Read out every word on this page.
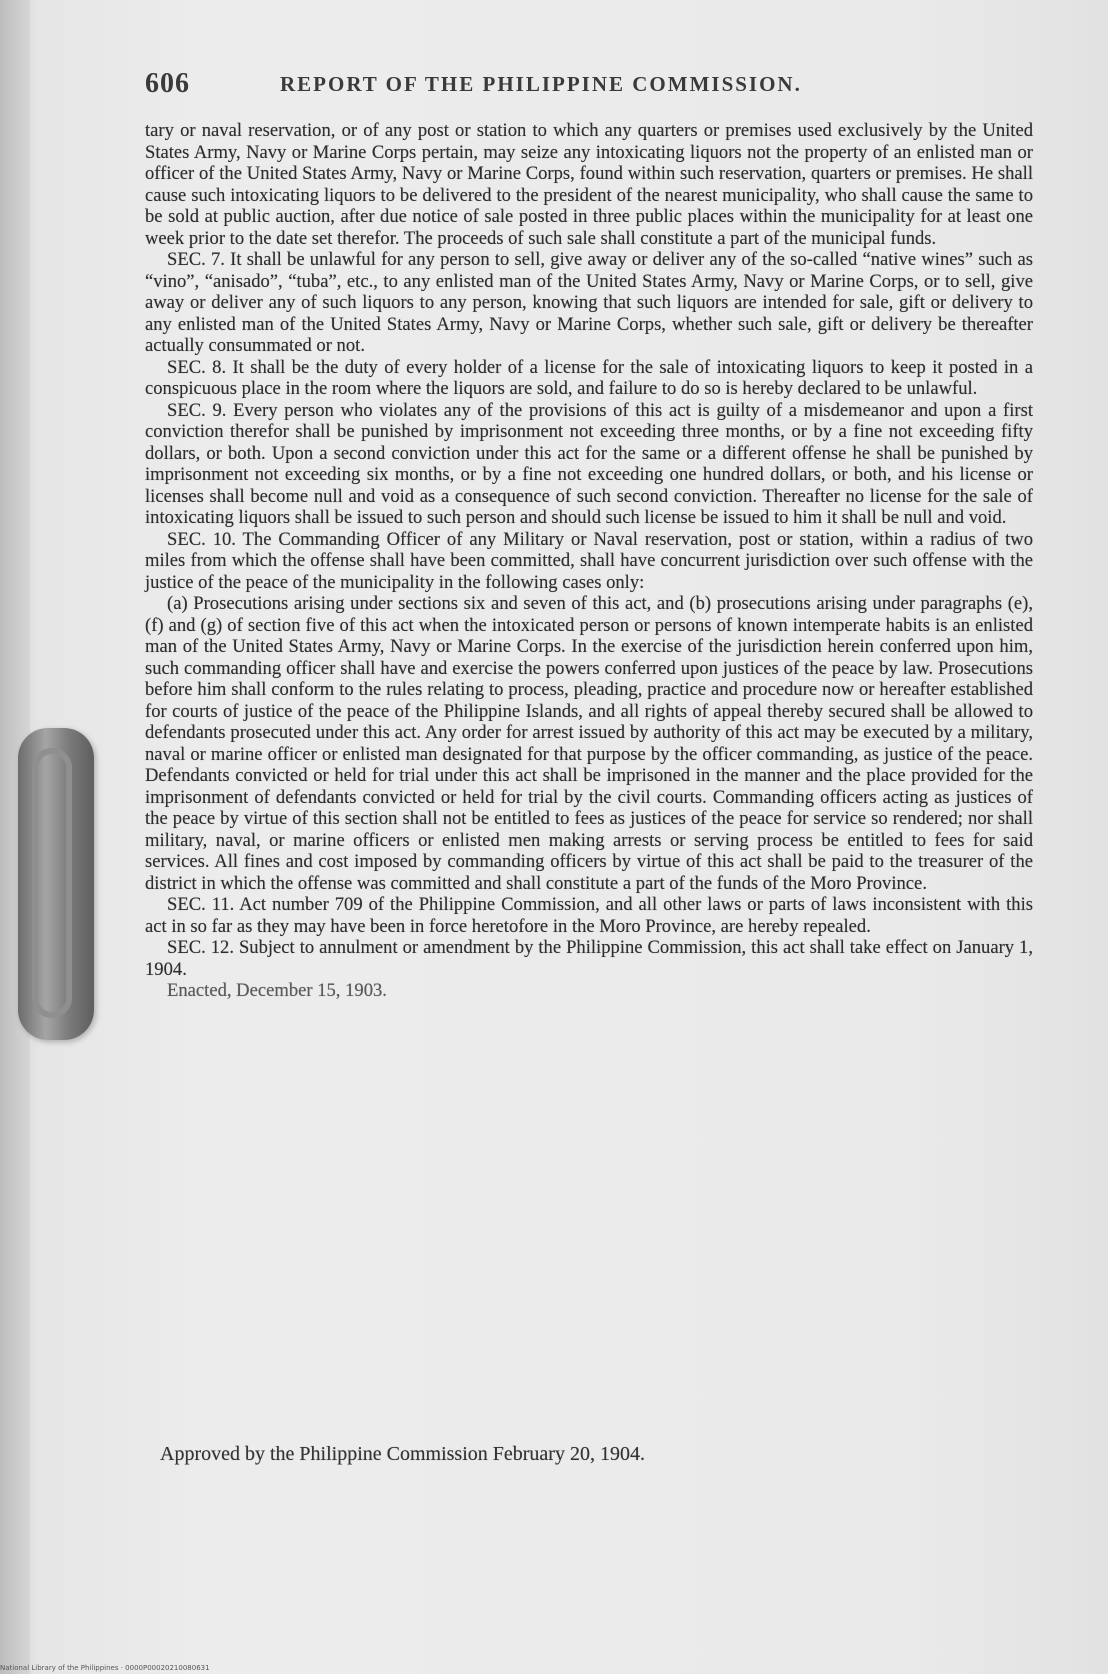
606	REPORT OF THE PHILIPPINE COMMISSION.

tary or naval reservation, or of any post or station to which any quarters or premises used exclusively by the United States Army, Navy or Marine Corps pertain, may seize any intoxicating liquors not the property of an enlisted man or officer of the United States Army, Navy or Marine Corps, found within such reservation, quarters or premises. He shall cause such intoxicating liquors to be delivered to the president of the nearest municipality, who shall cause the same to be sold at public auction, after due notice of sale posted in three public places within the municipality for at least one week prior to the date set therefor. The proceeds of such sale shall constitute a part of the municipal funds.

SEC. 7. It shall be unlawful for any person to sell, give away or deliver any of the so-called “native wines” such as “vino”, “anisado”, “tuba”, etc., to any enlisted man of the United States Army, Navy or Marine Corps, or to sell, give away or deliver any of such liquors to any person, knowing that such liquors are intended for sale, gift or delivery to any enlisted man of the United States Army, Navy or Marine Corps, whether such sale, gift or delivery be thereafter actually consummated or not.

SEC. 8. It shall be the duty of every holder of a license for the sale of intoxicating liquors to keep it posted in a conspicuous place in the room where the liquors are sold, and failure to do so is hereby declared to be unlawful.

SEC. 9. Every person who violates any of the provisions of this act is guilty of a misdemeanor and upon a first conviction therefor shall be punished by imprisonment not exceeding three months, or by a fine not exceeding fifty dollars, or both. Upon a second conviction under this act for the same or a different offense he shall be punished by imprisonment not exceeding six months, or by a fine not exceeding one hundred dollars, or both, and his license or licenses shall become null and void as a consequence of such second conviction. Thereafter no license for the sale of intoxicating liquors shall be issued to such person and should such license be issued to him it shall be null and void.

SEC. 10. The Commanding Officer of any Military or Naval reservation, post or station, within a radius of two miles from which the offense shall have been committed, shall have concurrent jurisdiction over such offense with the justice of the peace of the municipality in the following cases only:

(a) Prosecutions arising under sections six and seven of this act, and (b) prosecutions arising under paragraphs (e), (f) and (g) of section five of this act when the intoxicated person or persons of known intemperate habits is an enlisted man of the United States Army, Navy or Marine Corps. In the exercise of the jurisdiction herein conferred upon him, such commanding officer shall have and exercise the powers conferred upon justices of the peace by law. Prosecutions before him shall conform to the rules relating to process, pleading, practice and procedure now or hereafter established for courts of justice of the peace of the Philippine Islands, and all rights of appeal thereby secured shall be allowed to defendants prosecuted under this act. Any order for arrest issued by authority of this act may be executed by a military, naval or marine officer or enlisted man designated for that purpose by the officer commanding, as justice of the peace. Defendants convicted or held for trial under this act shall be imprisoned in the manner and the place provided for the imprisonment of defendants convicted or held for trial by the civil courts. Commanding officers acting as justices of the peace by virtue of this section shall not be entitled to fees as justices of the peace for service so rendered; nor shall military, naval, or marine officers or enlisted men making arrests or serving process be entitled to fees for said services. All fines and cost imposed by commanding officers by virtue of this act shall be paid to the treasurer of the district in which the offense was committed and shall constitute a part of the funds of the Moro Province.

SEC. 11. Act number 709 of the Philippine Commission, and all other laws or parts of laws inconsistent with this act in so far as they may have been in force heretofore in the Moro Province, are hereby repealed.

SEC. 12. Subject to annulment or amendment by the Philippine Commission, this act shall take effect on January 1, 1904.

Enacted, December 15, 1903.

Approved by the Philippine Commission February 20, 1904.
National Library of the Philippines · 0000P00020210080631
